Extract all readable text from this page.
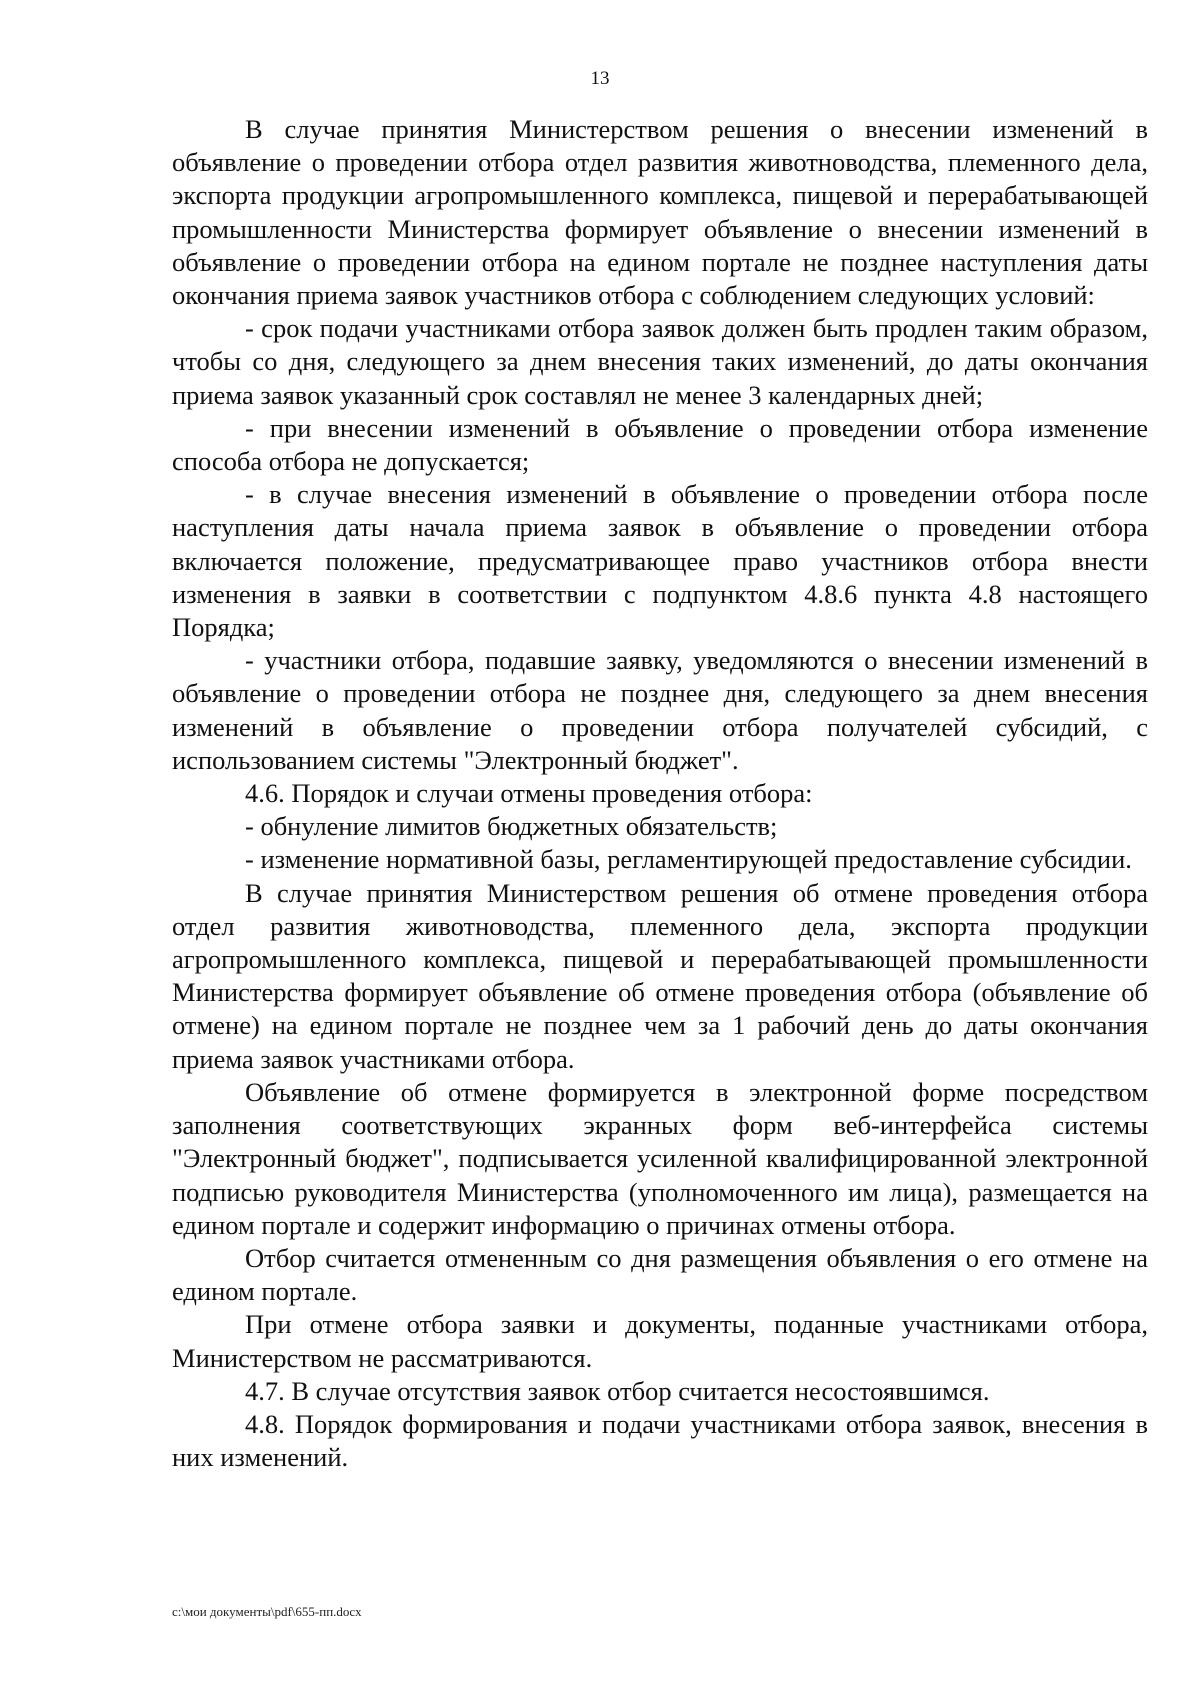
13

В случае принятия Министерством решения о внесении изменений в объявление о проведении отбора отдел развития животноводства, племенного дела, экспорта продукции агропромышленного комплекса, пищевой и перерабатывающей промышленности Министерства формирует объявление о внесении изменений в объявление о проведении отбора на едином портале не позднее наступления даты окончания приема заявок участников отбора с соблюдением следующих условий:

- срок подачи участниками отбора заявок должен быть продлен таким образом, чтобы со дня, следующего за днем внесения таких изменений, до даты окончания приема заявок указанный срок составлял не менее 3 календарных дней;

- при внесении изменений в объявление о проведении отбора изменение способа отбора не допускается;

- в случае внесения изменений в объявление о проведении отбора после наступления даты начала приема заявок в объявление о проведении отбора включается положение, предусматривающее право участников отбора внести изменения в заявки в соответствии с подпунктом 4.8.6 пункта 4.8 настоящего Порядка;

- участники отбора, подавшие заявку, уведомляются о внесении изменений в объявление о проведении отбора не позднее дня, следующего за днем внесения изменений в объявление о проведении отбора получателей субсидий, с использованием системы "Электронный бюджет".

4.6. Порядок и случаи отмены проведения отбора:

- обнуление лимитов бюджетных обязательств;

- изменение нормативной базы, регламентирующей предоставление субсидии.

В случае принятия Министерством решения об отмене проведения отбора отдел развития животноводства, племенного дела, экспорта продукции агропромышленного комплекса, пищевой и перерабатывающей промышленности Министерства формирует объявление об отмене проведения отбора (объявление об отмене) на едином портале не позднее чем за 1 рабочий день до даты окончания приема заявок участниками отбора.

Объявление об отмене формируется в электронной форме посредством заполнения соответствующих экранных форм веб-интерфейса системы "Электронный бюджет", подписывается усиленной квалифицированной электронной подписью руководителя Министерства (уполномоченного им лица), размещается на едином портале и содержит информацию о причинах отмены отбора.

Отбор считается отмененным со дня размещения объявления о его отмене на едином портале.

При отмене отбора заявки и документы, поданные участниками отбора, Министерством не рассматриваются.

4.7. В случае отсутствия заявок отбор считается несостоявшимся.

4.8. Порядок формирования и подачи участниками отбора заявок, внесения в них изменений.

c:\мои документы\pdf\655-пп.docx
